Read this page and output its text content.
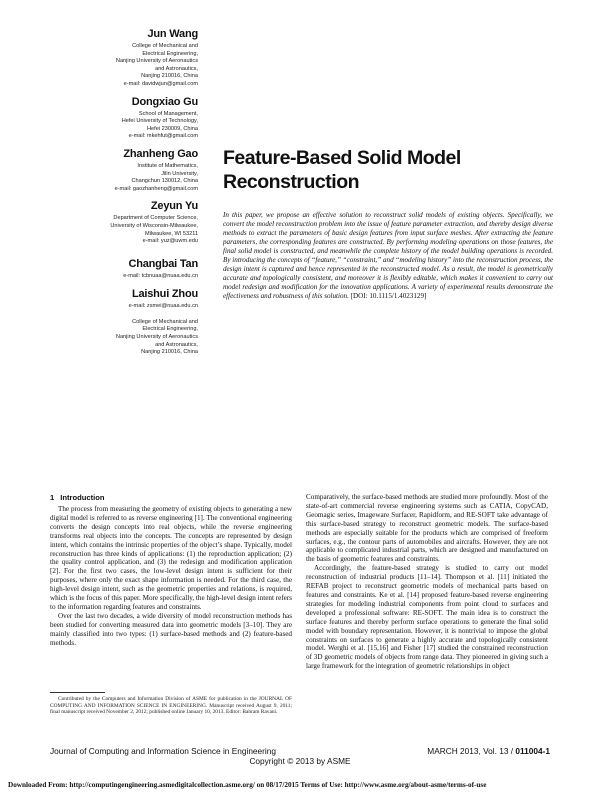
Jun Wang
College of Mechanical and
Electrical Engineering,
Nanjing University of Aeronautics
and Astronautics,
Nanjing 210016, China
e-mail: davidwjun@gmail.com
Dongxiao Gu
School of Management,
Hefei University of Technology,
Hefei 230009, China
e-mail: mkehfut@gmail.com
Zhanheng Gao
Institute of Mathematics,
Jilin University,
Changchun 130012, China
e-mail: gaozhanheng@gmail.com
Zeyun Yu
Department of Computer Science,
University of Wisconsin-Milwaukee,
Milwaukee, WI 53211
e-mail: yuz@uwm.edu
Changbai Tan
e-mail: tcbnuaa@nuaa.edu.cn
Laishui Zhou
e-mail: zsmei@nuaa.edu.cn
College of Mechanical and
Electrical Engineering,
Nanjing University of Aeronautics
and Astronautics,
Nanjing 210016, China
Feature-Based Solid Model Reconstruction
In this paper, we propose an effective solution to reconstruct solid models of existing objects. Specifically, we convert the model reconstruction problem into the issue of feature parameter extraction, and thereby design diverse methods to extract the parameters of basic design features from input surface meshes. After extracting the feature parameters, the corresponding features are constructed. By performing modeling operations on those features, the final solid model is constructed, and meanwhile the complete history of the model building operations is recorded. By introducing the concepts of “feature,” “constraint,” and “modeling history” into the reconstruction process, the design intent is captured and hence represented in the reconstructed model. As a result, the model is geometrically accurate and topologically consistent, and moreover it is flexibly editable, which makes it convenient to carry out model redesign and modification for the innovation applications. A variety of experimental results demonstrate the effectiveness and robustness of this solution. [DOI: 10.1115/1.4023129]
1 Introduction

The process from measuring the geometry of existing objects to generating a new digital model is referred to as reverse engineering [1]. The conventional engineering converts the design concepts into real objects, while the reverse engineering transforms real objects into the concepts. The concepts are represented by design intent, which contains the intrinsic properties of the object’s shape. Typically, model reconstruction has three kinds of applications: (1) the reproduction application; (2) the quality control application, and (3) the redesign and modification application [2]. For the first two cases, the low-level design intent is sufficient for their purposes, where only the exact shape information is needed. For the third case, the high-level design intent, such as the geometric properties and relations, is required, which is the focus of this paper. More specifically, the high-level design intent refers to the information regarding features and constraints.

Over the last two decades, a wide diversity of model reconstruction methods has been studied for converting measured data into geometric models [3–10]. They are mainly classified into two types: (1) surface-based methods and (2) feature-based methods.

Contributed by the Computers and Information Division of ASME for publication in the JOURNAL OF COMPUTING AND INFORMATION SCIENCE IN ENGINEERING. Manuscript received August 9, 2011; final manuscript received November 2, 2012; published online January 10, 2013. Editor: Bahram Ravani.

Comparatively, the surface-based methods are studied more profoundly. Most of the state-of-art commercial reverse engineering systems such as CATIA, CopyCAD, Geomagic series, Imageware Surfacer, Rapidform, and RE-SOFT take advantage of this surface-based strategy to reconstruct geometric models. The surface-based methods are especially suitable for the products which are comprised of freeform surfaces, e.g., the contour parts of automobiles and aircrafts. However, they are not applicable to complicated industrial parts, which are designed and manufactured on the basis of geometric features and constraints.

Accordingly, the feature-based strategy is studied to carry out model reconstruction of industrial products [11–14]. Thompson et al. [11] initiated the REFAB project to reconstruct geometric models of mechanical parts based on features and constraints. Ke et al. [14] proposed feature-based reverse engineering strategies for modeling industrial components from point cloud to surfaces and developed a professional software: RE-SOFT. The main idea is to construct the surface features and thereby perform surface operations to generate the final solid model with boundary representation. However, it is nontrivial to impose the global constraints on surfaces to generate a highly accurate and topologically consistent model. Werghi et al. [15,16] and Fisher [17] studied the constrained reconstruction of 3D geometric models of objects from range data. They pioneered in giving such a large framework for the integration of geometric relationships in object

Journal of Computing and Information Science in Engineering	MARCH 2013, Vol. 13 / 011004-1
Copyright © 2013 by ASME
Downloaded From: http://computingengineering.asmedigitalcollection.asme.org/ on 08/17/2015 Terms of Use: http://www.asme.org/about-asme/terms-of-use
